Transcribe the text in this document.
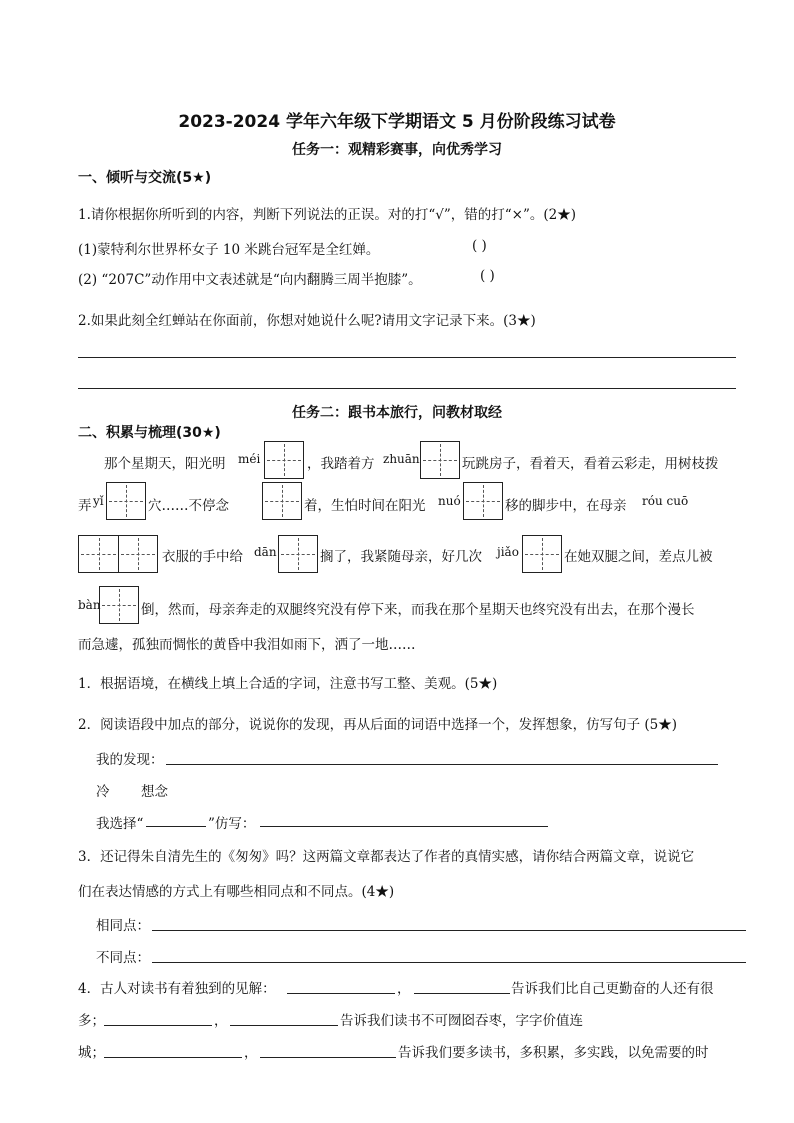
2023-2024 学年六年级下学期语文 5 月份阶段练习试卷
任务一：观精彩赛事，向优秀学习
一、倾听与交流(5★)
1.请你根据你所听到的内容，判断下列说法的正误。对的打“√”，错的打“×”。(2★)
(1)蒙特利尔世界杯女子 10 米跳台冠军是全红婵。	( )
(2) “207C”动作用中文表述就是“向内翻腾三周半抱膝”。	( )
2.如果此刻全红蝉站在你面前，你想对她说什么呢?请用文字记录下来。(3★)
任务二：跟书本旅行，问教材取经
二、积累与梳理(30★)
那个星期天，阳光明 méi	，我踏着方 zhuān	玩跳房子，看着天，看着云彩走，用树枝拨
弄 yǐ	穴……不停念	着，生怕时间在阳光 nuó	移的脚步中，在母亲 róu cuō
衣服的手中给 dān	搁了，我紧随母亲，好几次 jiǎo	在她双腿之间，差点儿被
bàn	倒，然而，母亲奔走的双腿终究没有停下来，而我在那个星期天也终究没有出去，在那个漫长
而急遽，孤独而惆怅的黄昏中我泪如雨下，洒了一地……
1．根据语境，在横线上填上合适的字词，注意书写工整、美观。(5★)
2．阅读语段中加点的部分，说说你的发现，再从后面的词语中选择一个，发挥想象，仿写句子 (5★)
我的发现：
冷 想念
我选择“	”仿写：
3．还记得朱自清先生的《匆匆》吗？这两篇文章都表达了作者的真情实感，请你结合两篇文章，说说它
们在表达情感的方式上有哪些相同点和不同点。(4★)
相同点：
不同点：
4．古人对读书有着独到的见解：	，	告诉我们比自己更勤奋的人还有很
多；	，	告诉我们读书不可囫囵吞枣，字字价值连
城；	，	告诉我们要多读书，多积累，多实践，以免需要的时
